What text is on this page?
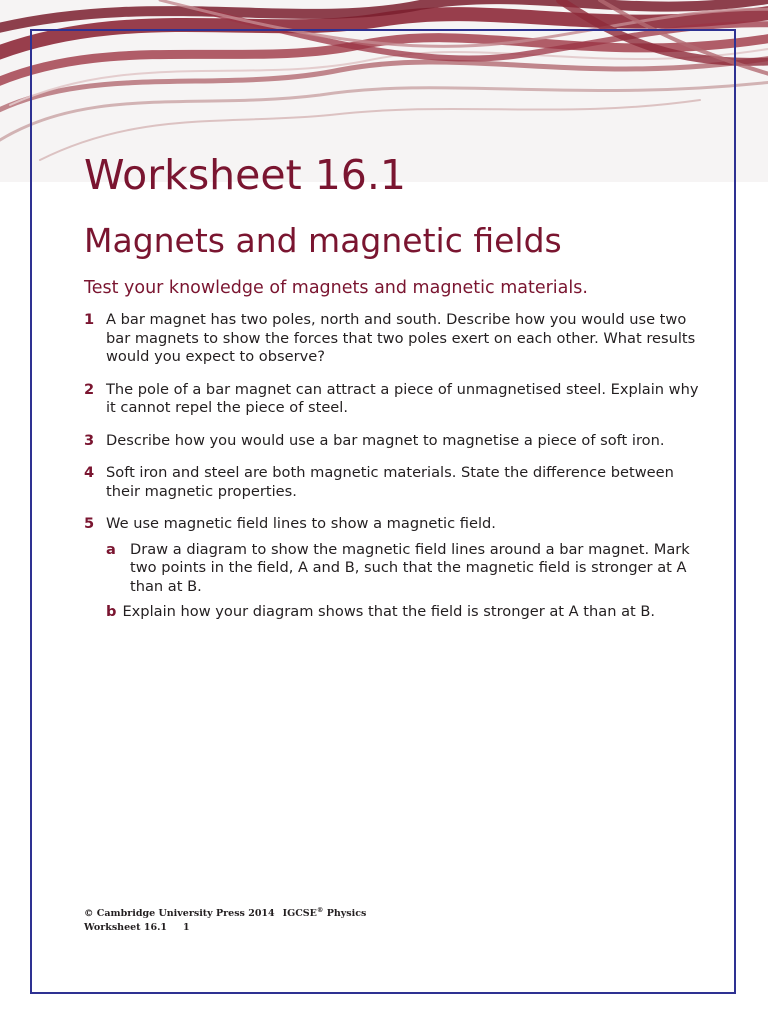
Worksheet 16.1
Magnets and magnetic fields

Test your knowledge of magnets and magnetic materials.

1 A bar magnet has two poles, north and south. Describe how you would use two bar magnets to show the forces that two poles exert on each other. What results would you expect to observe?
2 The pole of a bar magnet can attract a piece of unmagnetised steel. Explain why it cannot repel the piece of steel.
3 Describe how you would use a bar magnet to magnetise a piece of soft iron.
4 Soft iron and steel are both magnetic materials. State the difference between their magnetic properties.
5 We use magnetic field lines to show a magnetic field.
a Draw a diagram to show the magnetic field lines around a bar magnet. Mark two points in the field, A and B, such that the magnetic field is stronger at A than at B.
b Explain how your diagram shows that the field is stronger at A than at B.
© Cambridge University Press 2014 IGCSE® Physics
Worksheet 16.1 1
